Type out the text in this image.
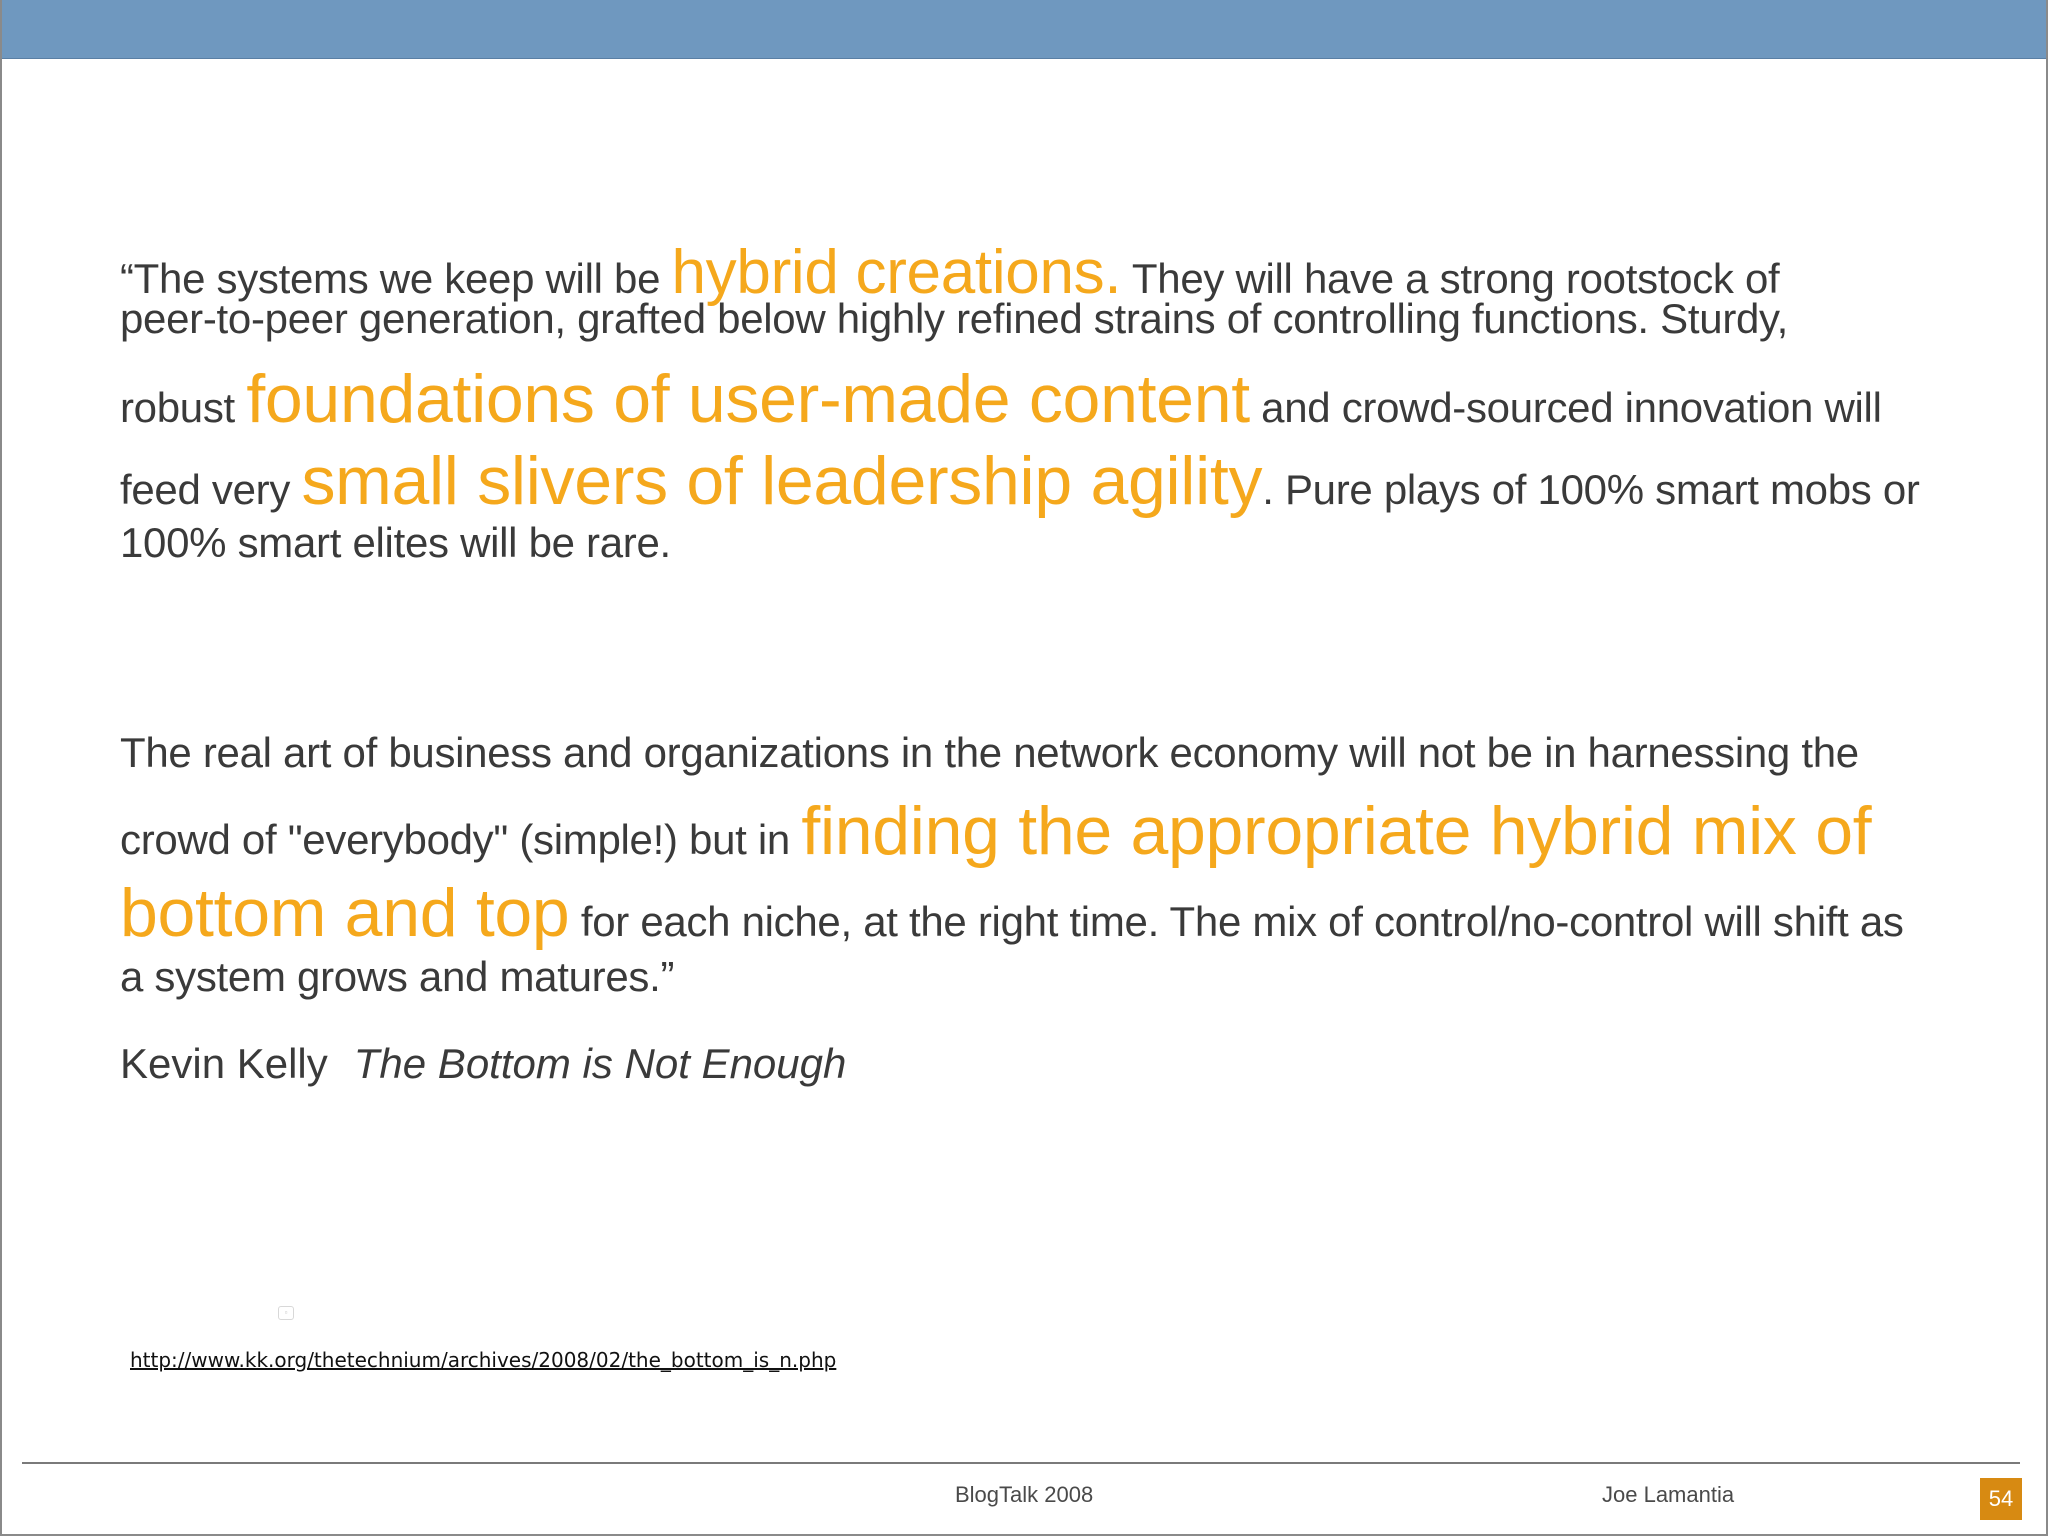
“The systems we keep will be hybrid creations. They will have a strong rootstock of
peer-to-peer generation, grafted below highly refined strains of controlling functions. Sturdy,
robust foundations of user-made content and crowd-sourced innovation will
feed very small slivers of leadership agility. Pure plays of 100% smart mobs or
100% smart elites will be rare.

The real art of business and organizations in the network economy will not be in harnessing the
crowd of "everybody" (simple!) but in finding the appropriate hybrid mix of
bottom and top for each niche, at the right time. The mix of control/no-control will shift as
a system grows and matures.”

Kevin Kelly The Bottom is Not Enough
▫
http://www.kk.org/thetechnium/archives/2008/02/the_bottom_is_n.php
BlogTalk 2008	Joe Lamantia	54
